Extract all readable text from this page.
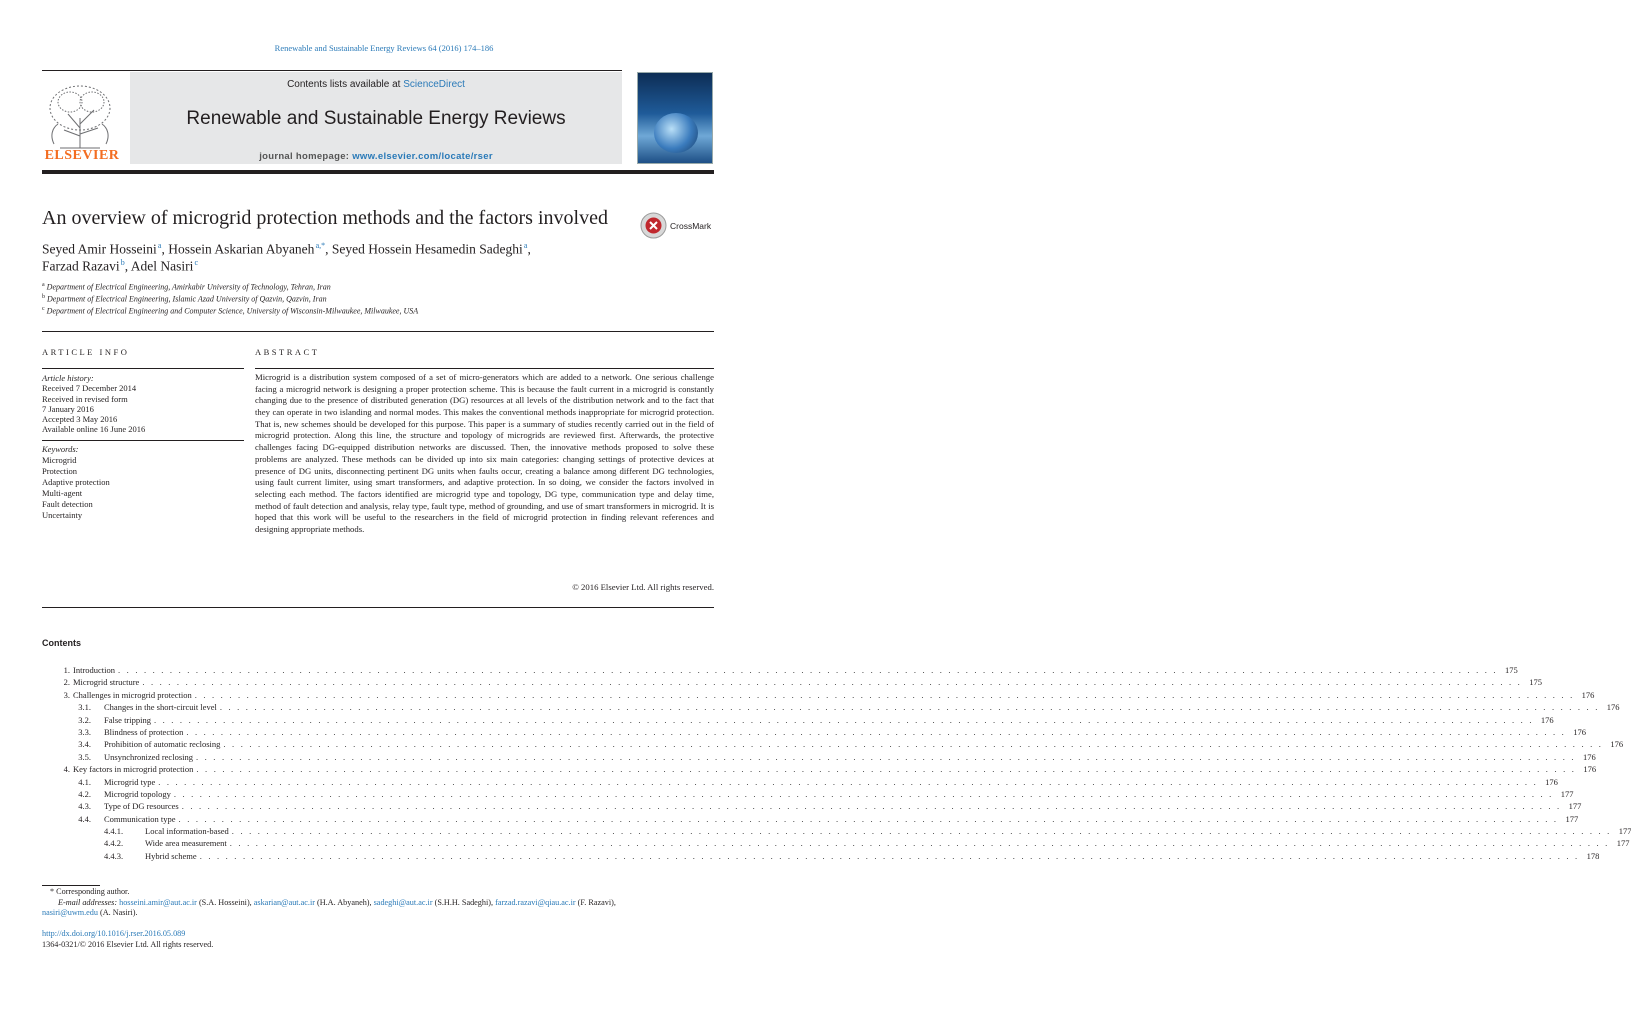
Renewable and Sustainable Energy Reviews 64 (2016) 174–186
ELSEVIER
Contents lists available at ScienceDirect
Renewable and Sustainable Energy Reviews
journal homepage: www.elsevier.com/locate/rser
An overview of microgrid protection methods and the factors involved	CrossMark
Seyed Amir Hosseini $^a$, Hossein Askarian Abyaneh $^{a,*}$, Seyed Hossein Hesamedin Sadeghi $^a$,
Farzad Razavi $^b$, Adel Nasiri $^c$
$^a$ Department of Electrical Engineering, Amirkabir University of Technology, Tehran, Iran
$^b$ Department of Electrical Engineering, Islamic Azad University of Qazvin, Qazvin, Iran
$^c$ Department of Electrical Engineering and Computer Science, University of Wisconsin-Milwaukee, Milwaukee, USA
ARTICLE INFO	ABSTRACT
Article history:
Received 7 December 2014
Received in revised form
7 January 2016
Accepted 3 May 2016
Available online 16 June 2016
Keywords:
Microgrid
Protection
Adaptive protection
Multi-agent
Fault detection
Uncertainty
Microgrid is a distribution system composed of a set of micro-generators which are added to a network. One serious challenge facing a microgrid network is designing a proper protection scheme. This is because the fault current in a microgrid is constantly changing due to the presence of distributed generation (DG) resources at all levels of the distribution network and to the fact that they can operate in two islanding and normal modes. This makes the conventional methods inappropriate for microgrid protection. That is, new schemes should be developed for this purpose. This paper is a summary of studies recently carried out in the field of microgrid protection. Along this line, the structure and topology of microgrids are reviewed first. Afterwards, the protective challenges facing DG-equipped distribution networks are discussed. Then, the innovative methods proposed to solve these problems are analyzed. These methods can be divided up into six main categories: changing settings of protective devices at presence of DG units, disconnecting pertinent DG units when faults occur, creating a balance among different DG technologies, using fault current limiter, using smart transformers, and adaptive protection. In so doing, we consider the factors involved in selecting each method. The factors identified are microgrid type and topology, DG type, communication type and delay time, method of fault detection and analysis, relay type, fault type, method of grounding, and use of smart transformers in microgrid. It is hoped that this work will be useful to the researchers in the field of microgrid protection in finding relevant references and designing appropriate methods.
© 2016 Elsevier Ltd. All rights reserved.
Contents
1. Introduction . . . . . . . . . . . . . . . . . . . . . . . . . . . . . . . . . . . . . . . . . . . . . . . . . . . . . . . . . . . . . . . . . . . . . . . . . . . . . . . . . . . . . . . . . . . . . . . . . . . . . . . . . . . . . . . . . . . . . . . . . . . . . . . . . . . . . . . . . . . . . . . . . . . . . . . . . . . . . . . . 175
2. Microgrid structure . . . . . . . . . . . . . . . . . . . . . . . . . . . . . . . . . . . . . . . . . . . . . . . . . . . . . . . . . . . . . . . . . . . . . . . . . . . . . . . . . . . . . . . . . . . . . . . . . . . . . . . . . . . . . . . . . . . . . . . . . . . . . . . . . . . . . . . . . . . . . . . . . . . . . . . . . . . . . . . . 175
3. Challenges in microgrid protection . . . . . . . . . . . . . . . . . . . . . . . . . . . . . . . . . . . . . . . . . . . . . . . . . . . . . . . . . . . . . . . . . . . . . . . . . . . . . . . . . . . . . . . . . . . . . . . . . . . . . . . . . . . . . . . . . . . . . . . . . . . . . . . . . . . . . . . . . . . . . . . . . . . . . . . . . . . . . . . . 176
3.1. Changes in the short-circuit level . . . . . . . . . . . . . . . . . . . . . . . . . . . . . . . . . . . . . . . . . . . . . . . . . . . . . . . . . . . . . . . . . . . . . . . . . . . . . . . . . . . . . . . . . . . . . . . . . . . . . . . . . . . . . . . . . . . . . . . . . . . . . . . . . . . . . . . . . . . . . . . . . . . . . . . . . . . . . . . . 176
3.2. False tripping . . . . . . . . . . . . . . . . . . . . . . . . . . . . . . . . . . . . . . . . . . . . . . . . . . . . . . . . . . . . . . . . . . . . . . . . . . . . . . . . . . . . . . . . . . . . . . . . . . . . . . . . . . . . . . . . . . . . . . . . . . . . . . . . . . . . . . . . . . . . . . . . . . . . . . . . . . . . . . . . 176
3.3. Blindness of protection . . . . . . . . . . . . . . . . . . . . . . . . . . . . . . . . . . . . . . . . . . . . . . . . . . . . . . . . . . . . . . . . . . . . . . . . . . . . . . . . . . . . . . . . . . . . . . . . . . . . . . . . . . . . . . . . . . . . . . . . . . . . . . . . . . . . . . . . . . . . . . . . . . . . . . . . . . . . . . . . 176
3.4. Prohibition of automatic reclosing . . . . . . . . . . . . . . . . . . . . . . . . . . . . . . . . . . . . . . . . . . . . . . . . . . . . . . . . . . . . . . . . . . . . . . . . . . . . . . . . . . . . . . . . . . . . . . . . . . . . . . . . . . . . . . . . . . . . . . . . . . . . . . . . . . . . . . . . . . . . . . . . . . . . . . . . . . . . . . . . 176
3.5. Unsynchronized reclosing . . . . . . . . . . . . . . . . . . . . . . . . . . . . . . . . . . . . . . . . . . . . . . . . . . . . . . . . . . . . . . . . . . . . . . . . . . . . . . . . . . . . . . . . . . . . . . . . . . . . . . . . . . . . . . . . . . . . . . . . . . . . . . . . . . . . . . . . . . . . . . . . . . . . . . . . . . . . . . . . 176
4. Key factors in microgrid protection . . . . . . . . . . . . . . . . . . . . . . . . . . . . . . . . . . . . . . . . . . . . . . . . . . . . . . . . . . . . . . . . . . . . . . . . . . . . . . . . . . . . . . . . . . . . . . . . . . . . . . . . . . . . . . . . . . . . . . . . . . . . . . . . . . . . . . . . . . . . . . . . . . . . . . . . . . . . . . . . 176
4.1. Microgrid type . . . . . . . . . . . . . . . . . . . . . . . . . . . . . . . . . . . . . . . . . . . . . . . . . . . . . . . . . . . . . . . . . . . . . . . . . . . . . . . . . . . . . . . . . . . . . . . . . . . . . . . . . . . . . . . . . . . . . . . . . . . . . . . . . . . . . . . . . . . . . . . . . . . . . . . . . . . . . . . . 176
4.2. Microgrid topology . . . . . . . . . . . . . . . . . . . . . . . . . . . . . . . . . . . . . . . . . . . . . . . . . . . . . . . . . . . . . . . . . . . . . . . . . . . . . . . . . . . . . . . . . . . . . . . . . . . . . . . . . . . . . . . . . . . . . . . . . . . . . . . . . . . . . . . . . . . . . . . . . . . . . . . . . . . . . . . . 177
4.3. Type of DG resources . . . . . . . . . . . . . . . . . . . . . . . . . . . . . . . . . . . . . . . . . . . . . . . . . . . . . . . . . . . . . . . . . . . . . . . . . . . . . . . . . . . . . . . . . . . . . . . . . . . . . . . . . . . . . . . . . . . . . . . . . . . . . . . . . . . . . . . . . . . . . . . . . . . . . . . . . . . . . . . . 177
4.4. Communication type . . . . . . . . . . . . . . . . . . . . . . . . . . . . . . . . . . . . . . . . . . . . . . . . . . . . . . . . . . . . . . . . . . . . . . . . . . . . . . . . . . . . . . . . . . . . . . . . . . . . . . . . . . . . . . . . . . . . . . . . . . . . . . . . . . . . . . . . . . . . . . . . . . . . . . . . . . . . . . . . 177
4.4.1.	Local information-based . . . . . . . . . . . . . . . . . . . . . . . . . . . . . . . . . . . . . . . . . . . . . . . . . . . . . . . . . . . . . . . . . . . . . . . . . . . . . . . . . . . . . . . . . . . . . . . . . . . . . . . . . . . . . . . . . . . . . . . . . . . . . . . . . . . . . . . . . . . . . . . . . . . . . . . . . . . . . . . . 177
4.4.2.	Wide area measurement . . . . . . . . . . . . . . . . . . . . . . . . . . . . . . . . . . . . . . . . . . . . . . . . . . . . . . . . . . . . . . . . . . . . . . . . . . . . . . . . . . . . . . . . . . . . . . . . . . . . . . . . . . . . . . . . . . . . . . . . . . . . . . . . . . . . . . . . . . . . . . . . . . . . . . . . . . . . . . . . 177
4.4.3.	Hybrid scheme . . . . . . . . . . . . . . . . . . . . . . . . . . . . . . . . . . . . . . . . . . . . . . . . . . . . . . . . . . . . . . . . . . . . . . . . . . . . . . . . . . . . . . . . . . . . . . . . . . . . . . . . . . . . . . . . . . . . . . . . . . . . . . . . . . . . . . . . . . . . . . . . . . . . . . . . . . . . . . . . 178
* Corresponding author.
E-mail addresses: hosseini.amir@aut.ac.ir (S.A. Hosseini), askarian@aut.ac.ir (H.A. Abyaneh), sadeghi@aut.ac.ir (S.H.H. Sadeghi), farzad.razavi@qiau.ac.ir (F. Razavi),
nasiri@uwm.edu (A. Nasiri).
http://dx.doi.org/10.1016/j.rser.2016.05.089
1364-0321/© 2016 Elsevier Ltd. All rights reserved.
